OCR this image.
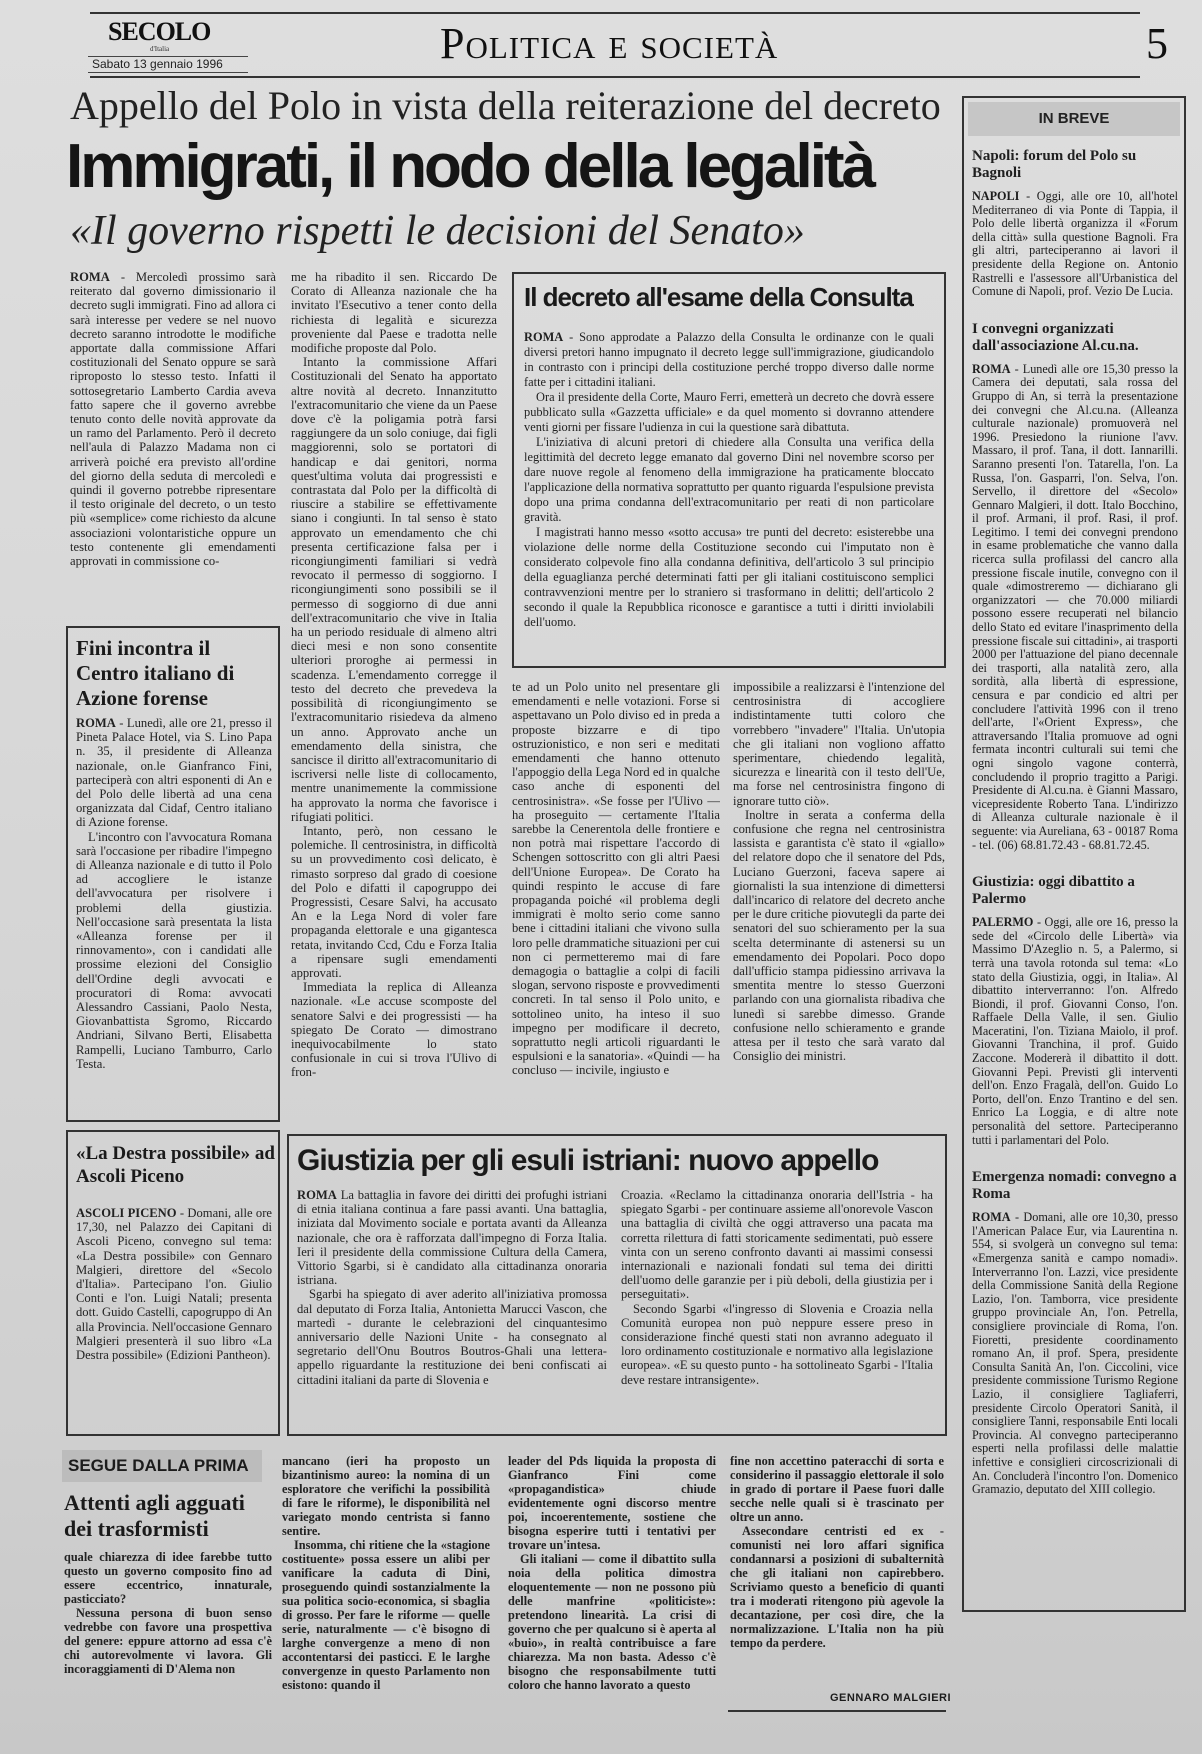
SECOLO
d'Italia
Sabato 13 gennaio 1996	Politica e società	5
Appello del Polo in vista della reiterazione del decreto
Immigrati, il nodo della legalità
«Il governo rispetti le decisioni del Senato»

ROMA - Mercoledì prossimo sarà reiterato dal governo dimissionario il decreto sugli immigrati. Fino ad allora ci sarà interesse per vedere se nel nuovo decreto saranno introdotte le modifiche apportate dalla commissione Affari costituzionali del Senato oppure se sarà riproposto lo stesso testo. Infatti il sottosegretario Lamberto Cardia aveva fatto sapere che il governo avrebbe tenuto conto delle novità approvate da un ramo del Parlamento. Però il decreto nell'aula di Palazzo Madama non ci arriverà poiché era previsto all'ordine del giorno della seduta di mercoledì e quindi il governo potrebbe ripresentare il testo originale del decreto, o un testo più «semplice» come richiesto da alcune associazioni volontaristiche oppure un testo contenente gli emendamenti approvati in commissione co-

me ha ribadito il sen. Riccardo De Corato di Alleanza nazionale che ha invitato l'Esecutivo a tener conto della richiesta di legalità e sicurezza proveniente dal Paese e tradotta nelle modifiche proposte dal Polo.

Intanto la commissione Affari Costituzionali del Senato ha apportato altre novità al decreto. Innanzitutto l'extracomunitario che viene da un Paese dove c'è la poligamia potrà farsi raggiungere da un solo coniuge, dai figli maggiorenni, solo se portatori di handicap e dai genitori, norma quest'ultima voluta dai progressisti e contrastata dal Polo per la difficoltà di riuscire a stabilire se effettivamente siano i congiunti. In tal senso è stato approvato un emendamento che chi presenta certificazione falsa per i ricongiungimenti familiari si vedrà revocato il permesso di soggiorno. I ricongiungimenti sono possibili se il permesso di soggiorno di due anni dell'extracomunitario che vive in Italia ha un periodo residuale di almeno altri dieci mesi e non sono consentite ulteriori proroghe ai permessi in scadenza. L'emendamento corregge il testo del decreto che prevedeva la possibilità di ricongiungimento se l'extracomunitario risiedeva da almeno un anno. Approvato anche un emendamento della sinistra, che sancisce il diritto all'extracomunitario di iscriversi nelle liste di collocamento, mentre unanimemente la commissione ha approvato la norma che favorisce i rifugiati politici.

Intanto, però, non cessano le polemiche. Il centrosinistra, in difficoltà su un provvedimento così delicato, è rimasto sorpreso dal grado di coesione del Polo e difatti il capogruppo dei Progressisti, Cesare Salvi, ha accusato An e la Lega Nord di voler fare propaganda elettorale e una gigantesca retata, invitando Ccd, Cdu e Forza Italia a ripensare sugli emendamenti approvati.

Immediata la replica di Alleanza nazionale. «Le accuse scomposte del senatore Salvi e dei progressisti — ha spiegato De Corato — dimostrano inequivocabilmente lo stato confusionale in cui si trova l'Ulivo di fron-

te ad un Polo unito nel presentare gli emendamenti e nelle votazioni. Forse si aspettavano un Polo diviso ed in preda a proposte bizzarre e di tipo ostruzionistico, e non seri e meditati emendamenti che hanno ottenuto l'appoggio della Lega Nord ed in qualche caso anche di esponenti del centrosinistra». «Se fosse per l'Ulivo — ha proseguito — certamente l'Italia sarebbe la Cenerentola delle frontiere e non potrà mai rispettare l'accordo di Schengen sottoscritto con gli altri Paesi dell'Unione Europea». De Corato ha quindi respinto le accuse di fare propaganda poiché «il problema degli immigrati è molto serio come sanno bene i cittadini italiani che vivono sulla loro pelle drammatiche situazioni per cui non ci permetteremo mai di fare demagogia o battaglie a colpi di facili slogan, servono risposte e provvedimenti concreti. In tal senso il Polo unito, e sottolineo unito, ha inteso il suo impegno per modificare il decreto, soprattutto negli articoli riguardanti le espulsioni e la sanatoria». «Quindi — ha concluso — incivile, ingiusto e

impossibile a realizzarsi è l'intenzione del centrosinistra di accogliere indistintamente tutti coloro che vorrebbero "invadere" l'Italia. Un'utopia che gli italiani non vogliono affatto sperimentare, chiedendo legalità, sicurezza e linearità con il testo dell'Ue, ma forse nel centrosinistra fingono di ignorare tutto ciò».

Inoltre in serata a conferma della confusione che regna nel centrosinistra lassista e garantista c'è stato il «giallo» del relatore dopo che il senatore del Pds, Luciano Guerzoni, faceva sapere ai giornalisti la sua intenzione di dimettersi dall'incarico di relatore del decreto anche per le dure critiche piovutegli da parte dei senatori del suo schieramento per la sua scelta determinante di astenersi su un emendamento dei Popolari. Poco dopo dall'ufficio stampa pidiessino arrivava la smentita mentre lo stesso Guerzoni parlando con una giornalista ribadiva che lunedì si sarebbe dimesso. Grande confusione nello schieramento e grande attesa per il testo che sarà varato dal Consiglio dei ministri.

Il decreto all'esame della Consulta

ROMA - Sono approdate a Palazzo della Consulta le ordinanze con le quali diversi pretori hanno impugnato il decreto legge sull'immigrazione, giudicandolo in contrasto con i principi della costituzione perché troppo diverso dalle norme fatte per i cittadini italiani.

Ora il presidente della Corte, Mauro Ferri, emetterà un decreto che dovrà essere pubblicato sulla «Gazzetta ufficiale» e da quel momento si dovranno attendere venti giorni per fissare l'udienza in cui la questione sarà dibattuta.

L'iniziativa di alcuni pretori di chiedere alla Consulta una verifica della legittimità del decreto legge emanato dal governo Dini nel novembre scorso per dare nuove regole al fenomeno della immigrazione ha praticamente bloccato l'applicazione della normativa soprattutto per quanto riguarda l'espulsione prevista dopo una prima condanna dell'extracomunitario per reati di non particolare gravità.

I magistrati hanno messo «sotto accusa» tre punti del decreto: esisterebbe una violazione delle norme della Costituzione secondo cui l'imputato non è considerato colpevole fino alla condanna definitiva, dell'articolo 3 sul principio della eguaglianza perché determinati fatti per gli italiani costituiscono semplici contravvenzioni mentre per lo straniero si trasformano in delitti; dell'articolo 2 secondo il quale la Repubblica riconosce e garantisce a tutti i diritti inviolabili dell'uomo.

Fini incontra il Centro italiano di Azione forense

ROMA - Lunedì, alle ore 21, presso il Pineta Palace Hotel, via S. Lino Papa n. 35, il presidente di Alleanza nazionale, on.le Gianfranco Fini, parteciperà con altri esponenti di An e del Polo delle libertà ad una cena organizzata dal Cidaf, Centro italiano di Azione forense.

L'incontro con l'avvocatura Romana sarà l'occasione per ribadire l'impegno di Alleanza nazionale e di tutto il Polo ad accogliere le istanze dell'avvocatura per risolvere i problemi della giustizia. Nell'occasione sarà presentata la lista «Alleanza forense per il rinnovamento», con i candidati alle prossime elezioni del Consiglio dell'Ordine degli avvocati e procuratori di Roma: avvocati Alessandro Cassiani, Paolo Nesta, Giovanbattista Sgromo, Riccardo Andriani, Silvano Berti, Elisabetta Rampelli, Luciano Tamburro, Carlo Testa.

«La Destra possibile» ad Ascoli Piceno

ASCOLI PICENO - Domani, alle ore 17,30, nel Palazzo dei Capitani di Ascoli Piceno, convegno sul tema: «La Destra possibile» con Gennaro Malgieri, direttore del «Secolo d'Italia». Partecipano l'on. Giulio Conti e l'on. Luigi Natali; presenta dott. Guido Castelli, capogruppo di An alla Provincia. Nell'occasione Gennaro Malgieri presenterà il suo libro «La Destra possibile» (Edizioni Pantheon).

Giustizia per gli esuli istriani: nuovo appello

ROMA La battaglia in favore dei diritti dei profughi istriani di etnia italiana continua a fare passi avanti. Una battaglia, iniziata dal Movimento sociale e portata avanti da Alleanza nazionale, che ora è rafforzata dall'impegno di Forza Italia. Ieri il presidente della commissione Cultura della Camera, Vittorio Sgarbi, si è candidato alla cittadinanza onoraria istriana.

Sgarbi ha spiegato di aver aderito all'iniziativa promossa dal deputato di Forza Italia, Antonietta Marucci Vascon, che martedì - durante le celebrazioni del cinquantesimo anniversario delle Nazioni Unite - ha consegnato al segretario dell'Onu Boutros Boutros-Ghali una lettera-appello riguardante la restituzione dei beni confiscati ai cittadini italiani da parte di Slovenia e

Croazia. «Reclamo la cittadinanza onoraria dell'Istria - ha spiegato Sgarbi - per continuare assieme all'onorevole Vascon una battaglia di civiltà che oggi attraverso una pacata ma corretta rilettura di fatti storicamente sedimentati, può essere vinta con un sereno confronto davanti ai massimi consessi internazionali e nazionali fondati sul tema dei diritti dell'uomo delle garanzie per i più deboli, della giustizia per i perseguitati».

Secondo Sgarbi «l'ingresso di Slovenia e Croazia nella Comunità europea non può neppure essere preso in considerazione finché questi stati non avranno adeguato il loro ordinamento costituzionale e normativo alla legislazione europea». «E su questo punto - ha sottolineato Sgarbi - l'Italia deve restare intransigente».

SEGUE DALLA PRIMA
Attenti agli agguati dei trasformisti

quale chiarezza di idee farebbe tutto questo un governo composito fino ad essere eccentrico, innaturale, pasticciato?

Nessuna persona di buon senso vedrebbe con favore una prospettiva del genere: eppure attorno ad essa c'è chi autorevolmente vi lavora. Gli incoraggiamenti di D'Alema non

mancano (ieri ha proposto un bizantinismo aureo: la nomina di un esploratore che verifichi la possibilità di fare le riforme), le disponibilità nel variegato mondo centrista si fanno sentire.

Insomma, chi ritiene che la «stagione costituente» possa essere un alibi per vanificare la caduta di Dini, proseguendo quindi sostanzialmente la sua politica socio-economica, si sbaglia di grosso. Per fare le riforme — quelle serie, naturalmente — c'è bisogno di larghe convergenze a meno di non accontentarsi dei pasticci. E le larghe convergenze in questo Parlamento non esistono: quando il

leader del Pds liquida la proposta di Gianfranco Fini come «propagandistica» chiude evidentemente ogni discorso mentre poi, incoerentemente, sostiene che bisogna esperire tutti i tentativi per trovare un'intesa.

Gli italiani — come il dibattito sulla noia della politica dimostra eloquentemente — non ne possono più delle manfrine «politiciste»: pretendono linearità. La crisi di governo che per qualcuno si è aperta al «buio», in realtà contribuisce a fare chiarezza. Ma non basta. Adesso c'è bisogno che responsabilmente tutti coloro che hanno lavorato a questo

fine non accettino pateracchi di sorta e considerino il passaggio elettorale il solo in grado di portare il Paese fuori dalle secche nelle quali si è trascinato per oltre un anno.

Assecondare centristi ed ex - comunisti nei loro affari significa condannarsi a posizioni di subalternità che gli italiani non capirebbero. Scriviamo questo a beneficio di quanti tra i moderati ritengono più agevole la decantazione, per così dire, che la normalizzazione. L'Italia non ha più tempo da perdere.

GENNARO MALGIERI
IN BREVE
Napoli: forum del Polo su Bagnoli
NAPOLI - Oggi, alle ore 10, all'hotel Mediterraneo di via Ponte di Tappia, il Polo delle libertà organizza il «Forum della città» sulla questione Bagnoli. Fra gli altri, parteciperanno ai lavori il presidente della Regione on. Antonio Rastrelli e l'assessore all'Urbanistica del Comune di Napoli, prof. Vezio De Lucia.
I convegni organizzati dall'associazione Al.cu.na.
ROMA - Lunedì alle ore 15,30 presso la Camera dei deputati, sala rossa del Gruppo di An, si terrà la presentazione dei convegni che Al.cu.na. (Alleanza culturale nazionale) promuoverà nel 1996. Presiedono la riunione l'avv. Massaro, il prof. Tana, il dott. Iannarilli. Saranno presenti l'on. Tatarella, l'on. La Russa, l'on. Gasparri, l'on. Selva, l'on. Servello, il direttore del «Secolo» Gennaro Malgieri, il dott. Italo Bocchino, il prof. Armani, il prof. Rasi, il prof. Legitimo. I temi dei convegni prendono in esame problematiche che vanno dalla ricerca sulla profilassi del cancro alla pressione fiscale inutile, convegno con il quale «dimostreremo — dichiarano gli organizzatori — che 70.000 miliardi possono essere recuperati nel bilancio dello Stato ed evitare l'inasprimento della pressione fiscale sui cittadini», ai trasporti 2000 per l'attuazione del piano decennale dei trasporti, alla natalità zero, alla sordità, alla libertà di espressione, censura e par condicio ed altri per concludere l'attività 1996 con il treno dell'arte, l'«Orient Express», che attraversando l'Italia promuove ad ogni fermata incontri culturali sui temi che ogni singolo vagone conterrà, concludendo il proprio tragitto a Parigi. Presidente di Al.cu.na. è Gianni Massaro, vicepresidente Roberto Tana. L'indirizzo di Alleanza culturale nazionale è il seguente: via Aureliana, 63 - 00187 Roma - tel. (06) 68.81.72.43 - 68.81.72.45.
Giustizia: oggi dibattito a Palermo
PALERMO - Oggi, alle ore 16, presso la sede del «Circolo delle Libertà» via Massimo D'Azeglio n. 5, a Palermo, si terrà una tavola rotonda sul tema: «Lo stato della Giustizia, oggi, in Italia». Al dibattito interverranno: l'on. Alfredo Biondi, il prof. Giovanni Conso, l'on. Raffaele Della Valle, il sen. Giulio Maceratini, l'on. Tiziana Maiolo, il prof. Giovanni Tranchina, il prof. Guido Zaccone. Modererà il dibattito il dott. Giovanni Pepi. Previsti gli interventi dell'on. Enzo Fragalà, dell'on. Guido Lo Porto, dell'on. Enzo Trantino e del sen. Enrico La Loggia, e di altre note personalità del settore. Parteciperanno tutti i parlamentari del Polo.
Emergenza nomadi: convegno a Roma
ROMA - Domani, alle ore 10,30, presso l'American Palace Eur, via Laurentina n. 554, si svolgerà un convegno sul tema: «Emergenza sanità e campo nomadi». Interverranno l'on. Lazzi, vice presidente della Commissione Sanità della Regione Lazio, l'on. Tamborra, vice presidente gruppo provinciale An, l'on. Petrella, consigliere provinciale di Roma, l'on. Fioretti, presidente coordinamento romano An, il prof. Spera, presidente Consulta Sanità An, l'on. Ciccolini, vice presidente commissione Turismo Regione Lazio, il consigliere Tagliaferri, presidente Circolo Operatori Sanità, il consigliere Tanni, responsabile Enti locali Provincia. Al convegno parteciperanno esperti nella profilassi delle malattie infettive e consiglieri circoscrizionali di An. Concluderà l'incontro l'on. Domenico Gramazio, deputato del XIII collegio.
